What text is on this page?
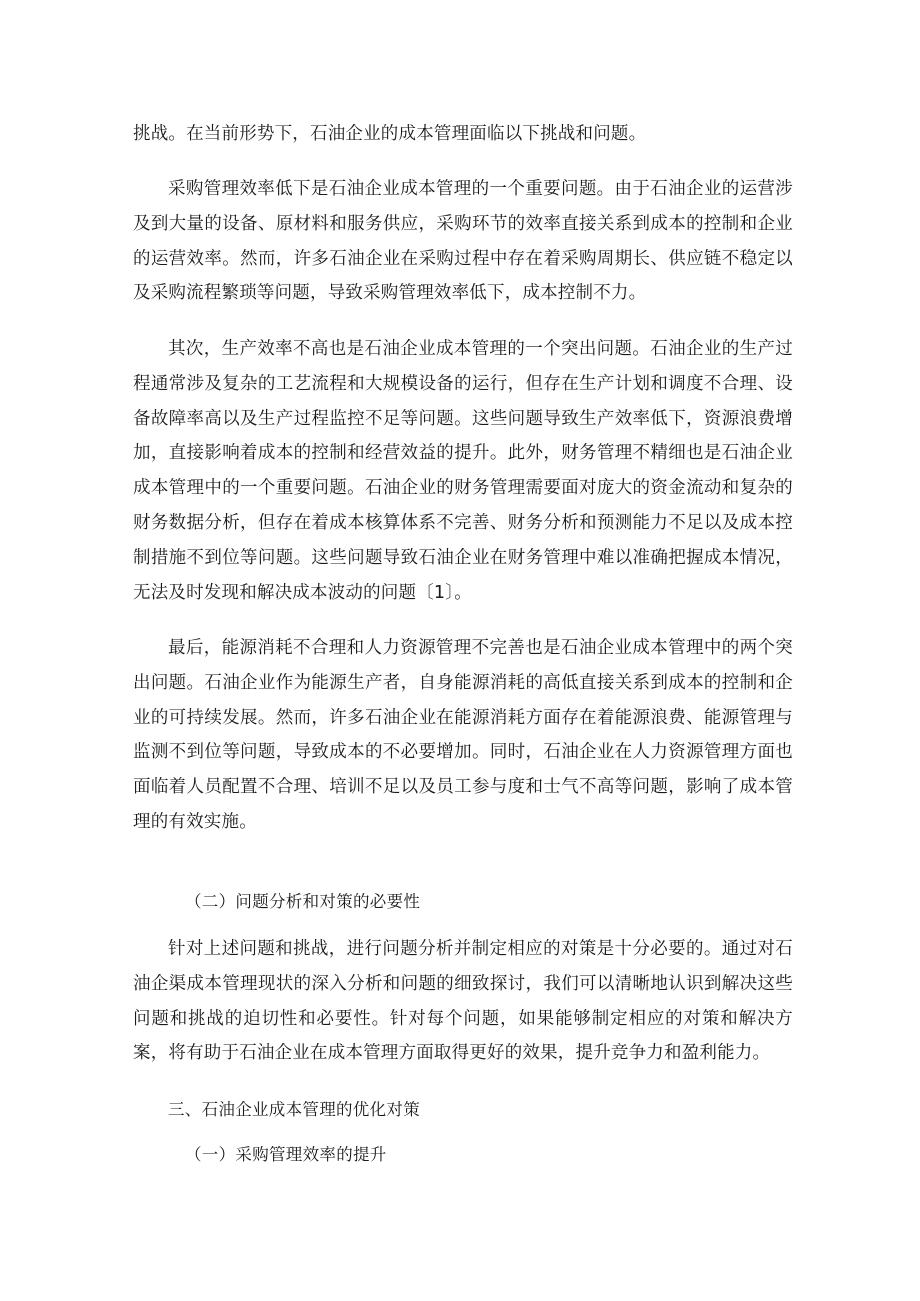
挑战。在当前形势下，石油企业的成本管理面临以下挑战和问题。

采购管理效率低下是石油企业成本管理的一个重要问题。由于石油企业的运营涉及到大量的设备、原材料和服务供应，采购环节的效率直接关系到成本的控制和企业的运营效率。然而，许多石油企业在采购过程中存在着采购周期长、供应链不稳定以及采购流程繁琐等问题，导致采购管理效率低下，成本控制不力。

其次，生产效率不高也是石油企业成本管理的一个突出问题。石油企业的生产过程通常涉及复杂的工艺流程和大规模设备的运行，但存在生产计划和调度不合理、设备故障率高以及生产过程监控不足等问题。这些问题导致生产效率低下，资源浪费增加，直接影响着成本的控制和经营效益的提升。此外，财务管理不精细也是石油企业成本管理中的一个重要问题。石油企业的财务管理需要面对庞大的资金流动和复杂的财务数据分析，但存在着成本核算体系不完善、财务分析和预测能力不足以及成本控制措施不到位等问题。这些问题导致石油企业在财务管理中难以准确把握成本情况，无法及时发现和解决成本波动的问题〔1〕。

最后，能源消耗不合理和人力资源管理不完善也是石油企业成本管理中的两个突出问题。石油企业作为能源生产者，自身能源消耗的高低直接关系到成本的控制和企业的可持续发展。然而，许多石油企业在能源消耗方面存在着能源浪费、能源管理与监测不到位等问题，导致成本的不必要增加。同时，石油企业在人力资源管理方面也面临着人员配置不合理、培训不足以及员工参与度和士气不高等问题，影响了成本管理的有效实施。

（二）问题分析和对策的必要性

针对上述问题和挑战，进行问题分析并制定相应的对策是十分必要的。通过对石油企渠成本管理现状的深入分析和问题的细致探讨，我们可以清晰地认识到解决这些问题和挑战的迫切性和必要性。针对每个问题，如果能够制定相应的对策和解决方案，将有助于石油企业在成本管理方面取得更好的效果，提升竞争力和盈利能力。

三、石油企业成本管理的优化对策

（一）采购管理效率的提升
